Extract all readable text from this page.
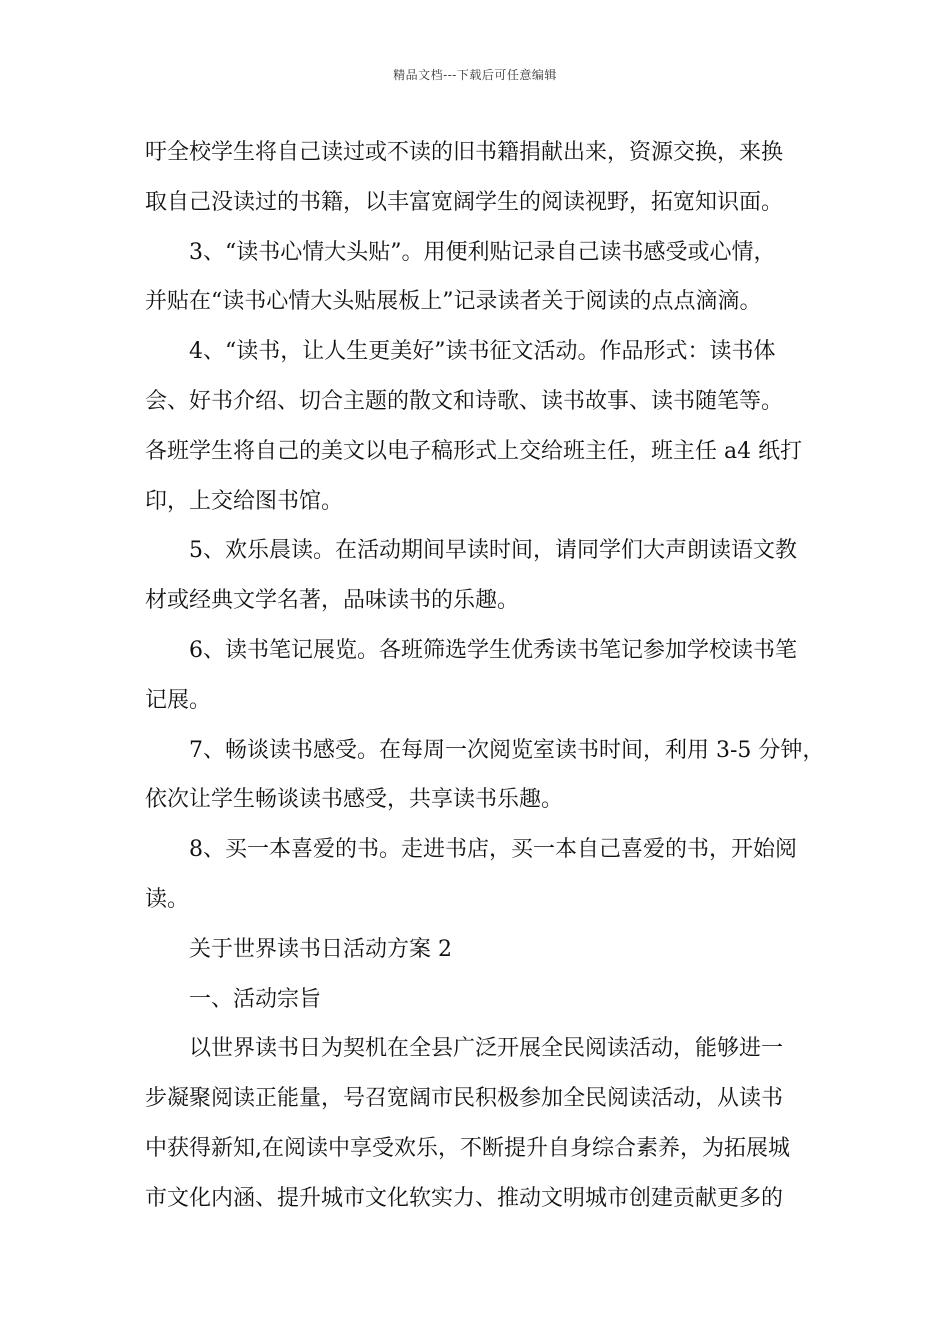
精品文档---下载后可任意编辑
吁全校学生将自己读过或不读的旧书籍捐献出来，资源交换，来换
取自己没读过的书籍，以丰富宽阔学生的阅读视野，拓宽知识面。
3、“读书心情大头贴”。用便利贴记录自己读书感受或心情，
并贴在“读书心情大头贴展板上”记录读者关于阅读的点点滴滴。
4、“读书，让人生更美好”读书征文活动。作品形式：读书体
会、好书介绍、切合主题的散文和诗歌、读书故事、读书随笔等。
各班学生将自己的美文以电子稿形式上交给班主任，班主任 a4 纸打
印，上交给图书馆。
5、欢乐晨读。在活动期间早读时间，请同学们大声朗读语文教
材或经典文学名著，品味读书的乐趣。
6、读书笔记展览。各班筛选学生优秀读书笔记参加学校读书笔
记展。
7、畅谈读书感受。在每周一次阅览室读书时间，利用 3-5 分钟，
依次让学生畅谈读书感受，共享读书乐趣。
8、买一本喜爱的书。走进书店，买一本自己喜爱的书，开始阅
读。
关于世界读书日活动方案 2
一、活动宗旨
以世界读书日为契机在全县广泛开展全民阅读活动，能够进一
步凝聚阅读正能量，号召宽阔市民积极参加全民阅读活动，从读书
中获得新知,在阅读中享受欢乐，不断提升自身综合素养，为拓展城
市文化内涵、提升城市文化软实力、推动文明城市创建贡献更多的
